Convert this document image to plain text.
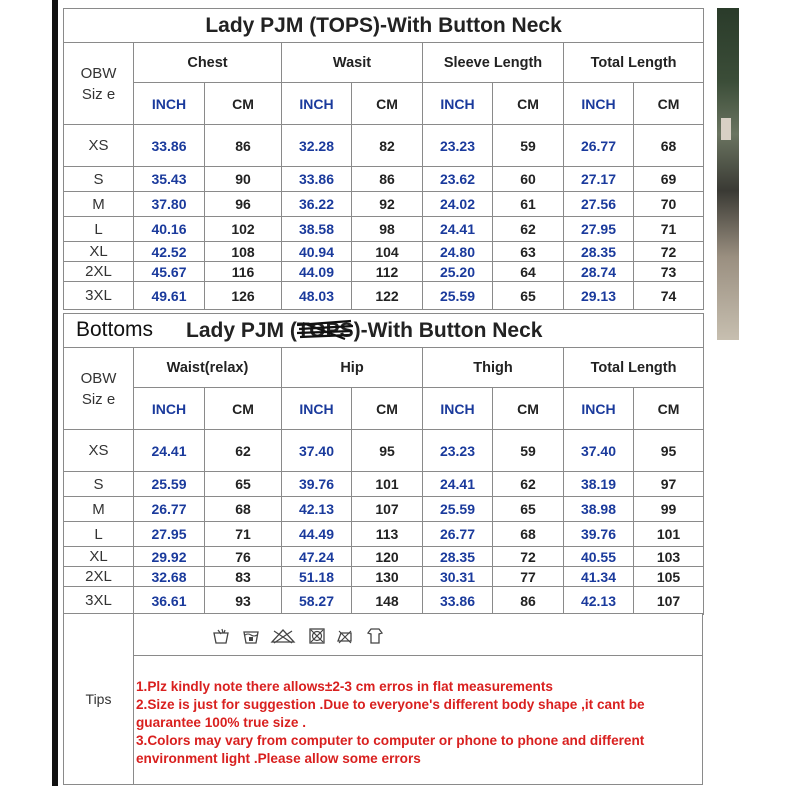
Lady PJM (TOPS)-With Button Neck								

OBW
Siz e	Chest		Wasit		Sleeve Length		Total Length	
	INCH	CM	INCH	CM	INCH	CM	INCH	CM
XS	33.86	86	32.28	82	23.23	59	26.77	68
S	35.43	90	33.86	86	23.62	60	27.17	69
M	37.80	96	36.22	92	24.02	61	27.56	70
L	40.16	102	38.58	98	24.41	62	27.95	71
XL	42.52	108	40.94	104	24.80	63	28.35	72
2XL	45.67	116	44.09	112	25.20	64	28.74	73
3XL	49.61	126	48.03	122	25.59	65	29.13	74
Bottoms Lady PJM (TOPS
)-With Button Neck								

OBW
Siz e	Waist(relax)		Hip		Thigh		Total Length	
	INCH	CM	INCH	CM	INCH	CM	INCH	CM
XS	24.41	62	37.40	95	23.23	59	37.40	95
S	25.59	65	39.76	101	24.41	62	38.19	97
M	26.77	68	42.13	107	25.59	65	38.98	99
L	27.95	71	44.49	113	26.77	68	39.76	101
XL	29.92	76	47.24	120	28.35	72	40.55	103
2XL	32.68	83	51.18	130	30.31	77	41.34	105
3XL	36.61	93	58.27	148	33.86	86	42.13	107
Tips

1.Plz kindly note there allows±2-3 cm erros in flat measurements

2.Size is just for suggestion .Due to everyone's different body shape ,it cant be

guarantee 100% true size .

3.Colors may vary from computer to computer or phone to phone and different

environment light .Please allow some errors
